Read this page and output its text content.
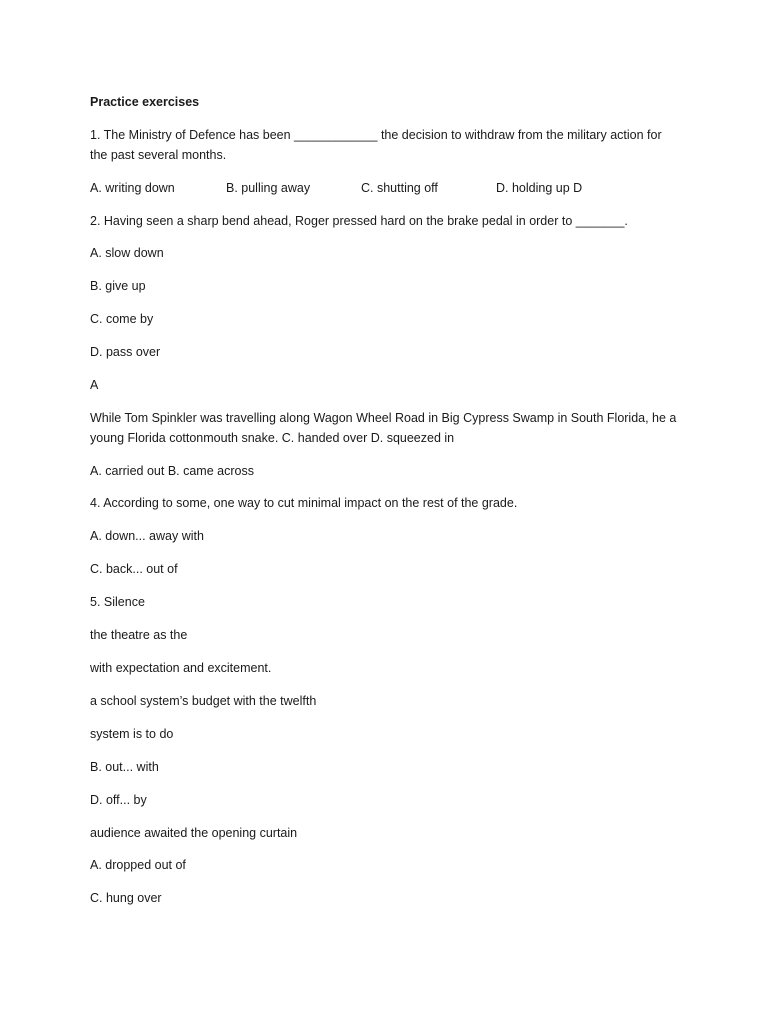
Practice exercises
1. The Ministry of Defence has been ____________ the decision to withdraw from the military action for
the past several months.
A. writing down	B. pulling away	C. shutting off	D. holding up D
2. Having seen a sharp bend ahead, Roger pressed hard on the brake pedal in order to _______.
A. slow down
B. give up
C. come by
D. pass over
A
While Tom Spinkler was travelling along Wagon Wheel Road in Big Cypress Swamp in South Florida, he a
young Florida cottonmouth snake. C. handed over D. squeezed in
A. carried out B. came across
4. According to some, one way to cut minimal impact on the rest of the grade.
A. down... away with
C. back... out of
5. Silence
the theatre as the
with expectation and excitement.
a school system’s budget with the twelfth
system is to do
B. out... with
D. off... by
audience awaited the opening curtain
A. dropped out of
C. hung over
